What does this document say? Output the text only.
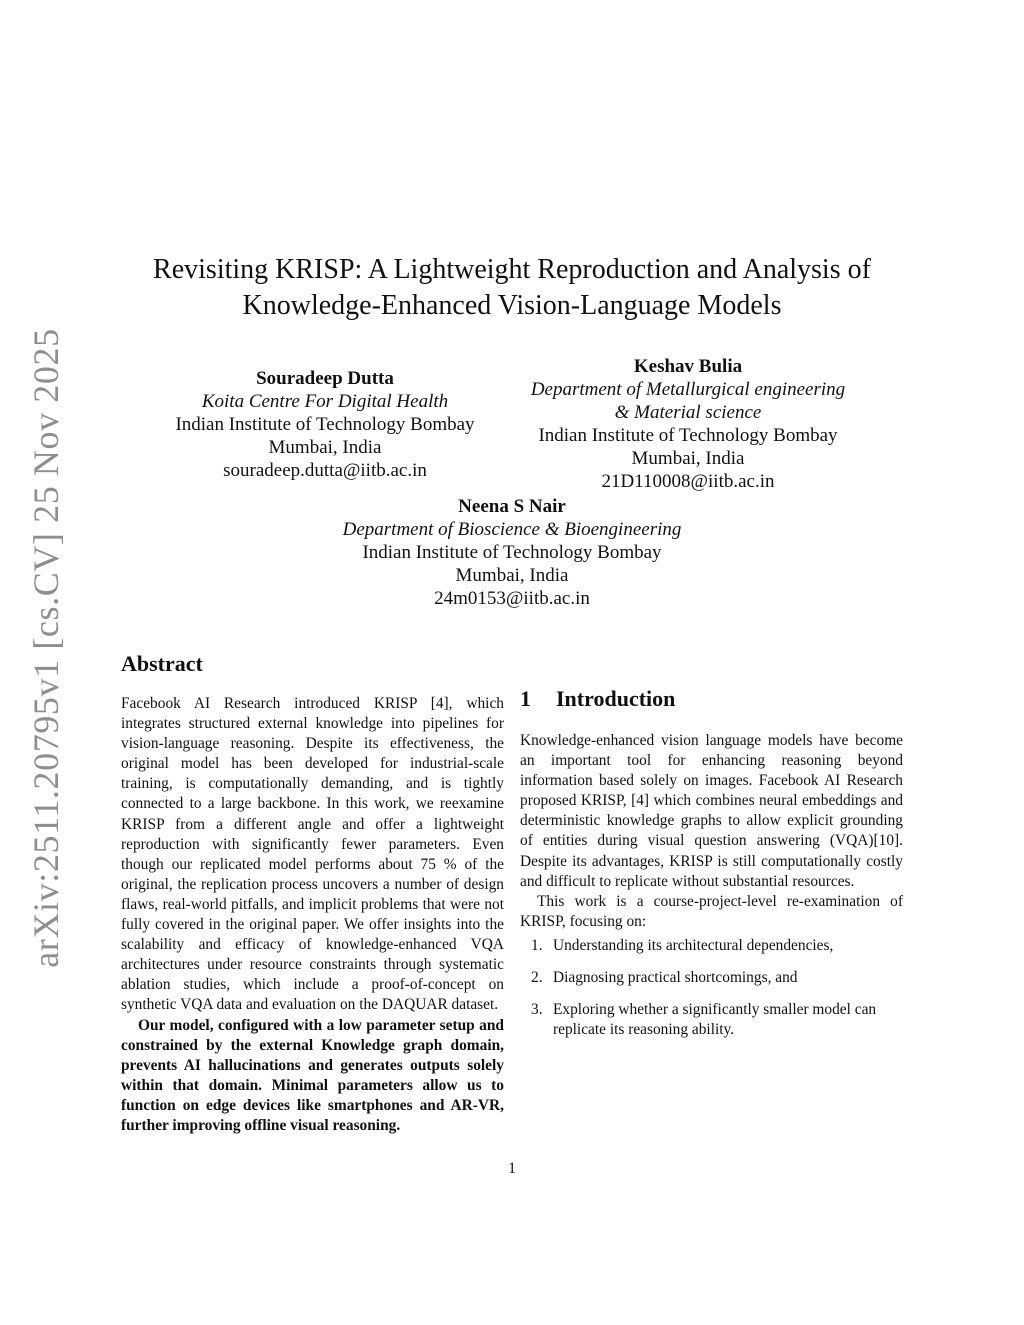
arXiv:2511.20795v1 [cs.CV] 25 Nov 2025
Revisiting KRISP: A Lightweight Reproduction and Analysis of
Knowledge-Enhanced Vision-Language Models
Souradeep Dutta
Koita Centre For Digital Health
Indian Institute of Technology Bombay
Mumbai, India
souradeep.dutta@iitb.ac.in
Keshav Bulia
Department of Metallurgical engineering
& Material science
Indian Institute of Technology Bombay
Mumbai, India
21D110008@iitb.ac.in
Neena S Nair
Department of Bioscience & Bioengineering
Indian Institute of Technology Bombay
Mumbai, India
24m0153@iitb.ac.in
Abstract

Facebook AI Research introduced KRISP [4], which integrates structured external knowledge into pipelines for vision-language reasoning. Despite its effectiveness, the original model has been developed for industrial-scale training, is computationally demanding, and is tightly connected to a large backbone. In this work, we reexamine KRISP from a different angle and offer a lightweight reproduction with significantly fewer parameters. Even though our replicated model performs about 75 % of the original, the replication process uncovers a number of design flaws, real-world pitfalls, and implicit problems that were not fully covered in the original paper. We offer insights into the scalability and efficacy of knowledge-enhanced VQA architectures under resource constraints through systematic ablation studies, which include a proof-of-concept on synthetic VQA data and evaluation on the DAQUAR dataset.

Our model, configured with a low parameter setup and constrained by the external Knowledge graph domain, prevents AI hallucinations and generates outputs solely within that domain. Minimal parameters allow us to function on edge devices like smartphones and AR-VR, further improving offline visual reasoning.

1 Introduction

Knowledge-enhanced vision language models have become an important tool for enhancing reasoning beyond information based solely on images. Facebook AI Research proposed KRISP, [4] which combines neural embeddings and deterministic knowledge graphs to allow explicit grounding of entities during visual question answering (VQA)[10]. Despite its advantages, KRISP is still computationally costly and difficult to replicate without substantial resources.

This work is a course-project-level re-examination of KRISP, focusing on:

1. Understanding its architectural dependencies,
2. Diagnosing practical shortcomings, and
3. Exploring whether a significantly smaller model can replicate its reasoning ability.
1
